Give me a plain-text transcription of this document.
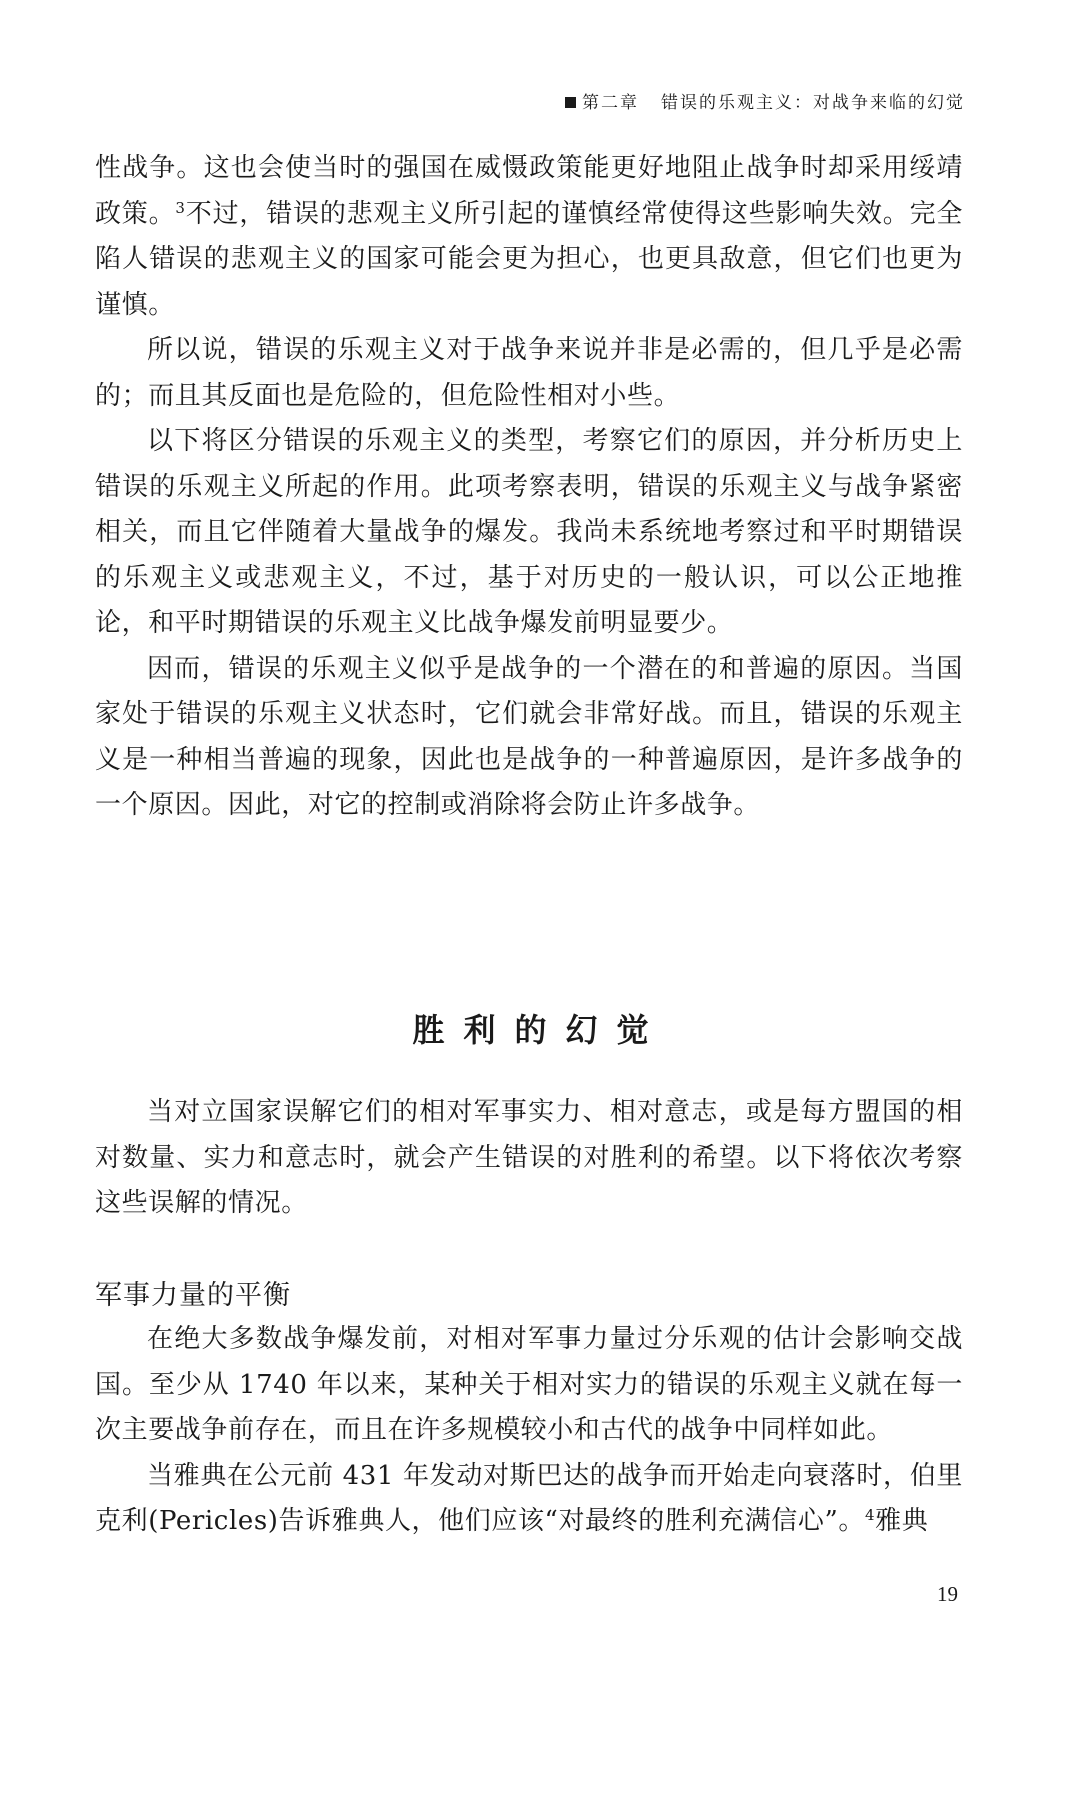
第二章 错误的乐观主义：对战争来临的幻觉

性战争。这也会使当时的强国在威慑政策能更好地阻止战争时却采用绥靖政策。$^3$不过，错误的悲观主义所引起的谨慎经常使得这些影响失效。完全陷人错误的悲观主义的国家可能会更为担心，也更具敌意，但它们也更为谨慎。

所以说，错误的乐观主义对于战争来说并非是必需的，但几乎是必需的；而且其反面也是危险的，但危险性相对小些。

以下将区分错误的乐观主义的类型，考察它们的原因，并分析历史上错误的乐观主义所起的作用。此项考察表明，错误的乐观主义与战争紧密相关，而且它伴随着大量战争的爆发。我尚未系统地考察过和平时期错误的乐观主义或悲观主义，不过，基于对历史的一般认识，可以公正地推论，和平时期错误的乐观主义比战争爆发前明显要少。

因而，错误的乐观主义似乎是战争的一个潜在的和普遍的原因。当国家处于错误的乐观主义状态时，它们就会非常好战。而且，错误的乐观主义是一种相当普遍的现象，因此也是战争的一种普遍原因，是许多战争的一个原因。因此，对它的控制或消除将会防止许多战争。

胜利的幻觉

当对立国家误解它们的相对军事实力、相对意志，或是每方盟国的相对数量、实力和意志时，就会产生错误的对胜利的希望。以下将依次考察这些误解的情况。

军事力量的平衡

在绝大多数战争爆发前，对相对军事力量过分乐观的估计会影响交战国。至少从 1740 年以来，某种关于相对实力的错误的乐观主义就在每一次主要战争前存在，而且在许多规模较小和古代的战争中同样如此。

当雅典在公元前 431 年发动对斯巴达的战争而开始走向衰落时，伯里克利(Pericles)告诉雅典人，他们应该“对最终的胜利充满信心”。$^4$雅典

19
